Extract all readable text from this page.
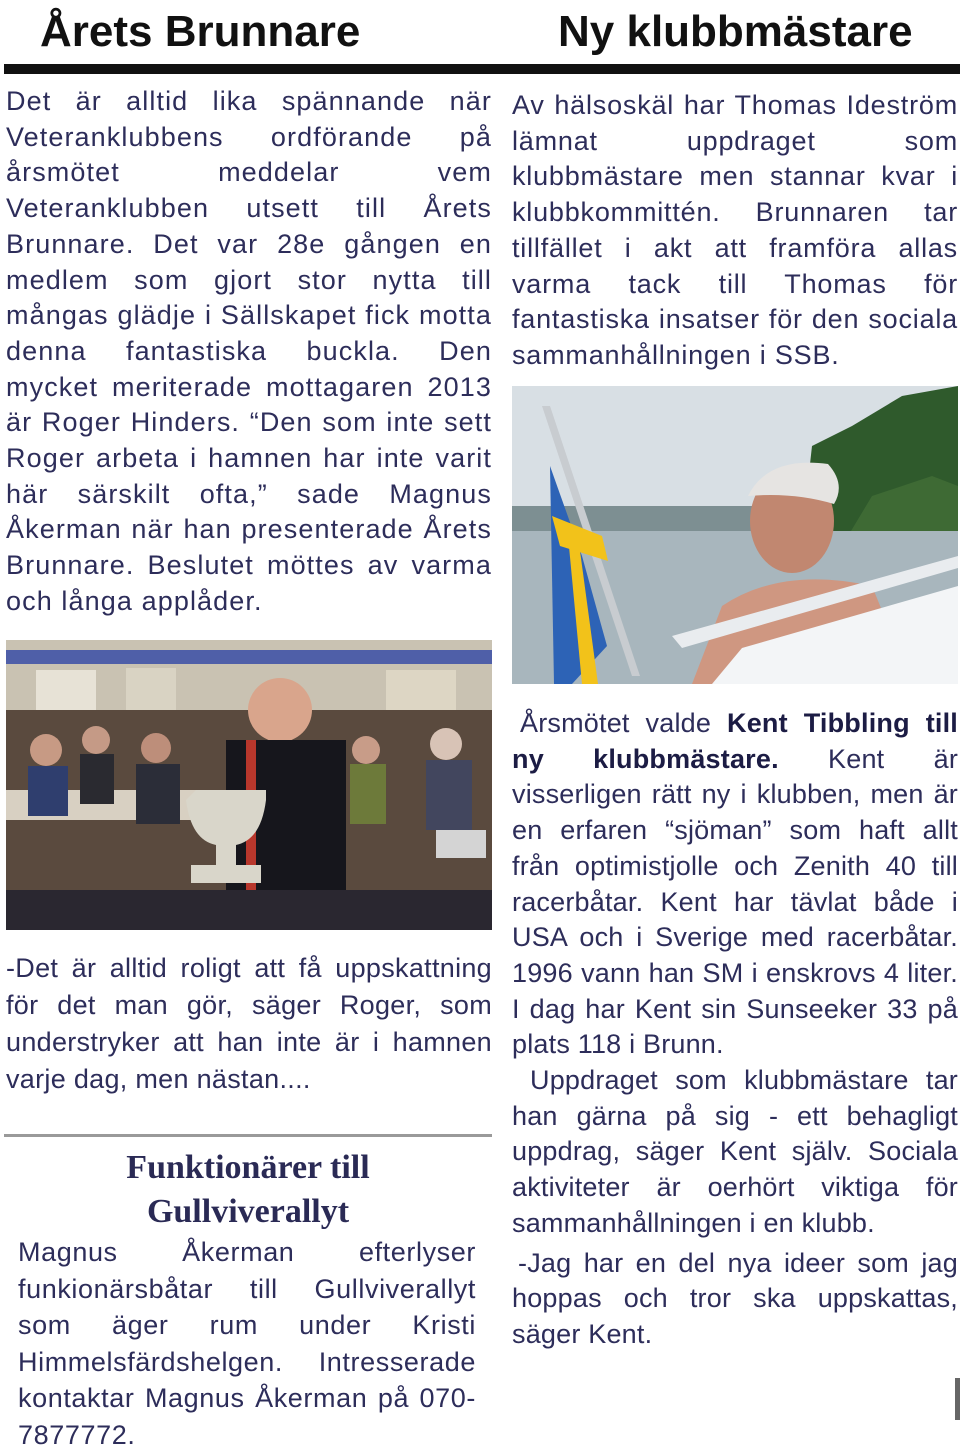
Årets Brunnare	Ny klubbmästare

Det är alltid lika spännande när Veteranklubbens ordförande på årsmötet meddelar vem Veteranklubben utsett till Årets Brunnare. Det var 28e gången en medlem som gjort stor nytta till mångas glädje i Sällskapet fick motta denna fantastiska buckla. Den mycket meriterade mottagaren 2013 är Roger Hinders. “Den som inte sett Roger arbeta i hamnen har inte varit här särskilt ofta,” sade Magnus Åkerman när han presenterade Årets Brunnare. Beslutet möttes av varma och långa applåder.

Av hälsoskäl har Thomas Ideström lämnat uppdraget som klubbmästare men stannar kvar i klubbkommittén. Brunnaren tar tillfället i akt att framföra allas varma tack till Thomas för fantastiska insatser för den sociala sammanhållningen i SSB.

-Det är alltid roligt att få uppskattning för det man gör, säger Roger, som understryker att han inte är i hamnen varje dag, men nästan....

Funktionärer till
Gullviverallyt

Magnus Åkerman efterlyser funkionärsbåtar till Gullviverallyt som äger rum under Kristi Himmelsfärdshelgen. Intresserade kontaktar Magnus Åkerman på 070-7877772.

Årsmötet valde Kent Tibbling till ny klubbmästare. Kent är visserligen rätt ny i klubben, men är en erfaren “sjöman” som haft allt från optimistjolle och Zenith 40 till racerbåtar. Kent har tävlat både i USA och i Sverige med racerbåtar. 1996 vann han SM i enskrovs 4 liter. I dag har Kent sin Sunseeker 33 på plats 118 i Brunn.

Uppdraget som klubbmästare tar han gärna på sig - ett behagligt uppdrag, säger Kent själv. Sociala aktiviteter är oerhört viktiga för sammanhållningen i en klubb.

-Jag har en del nya ideer som jag hoppas och tror ska uppskattas, säger Kent.
